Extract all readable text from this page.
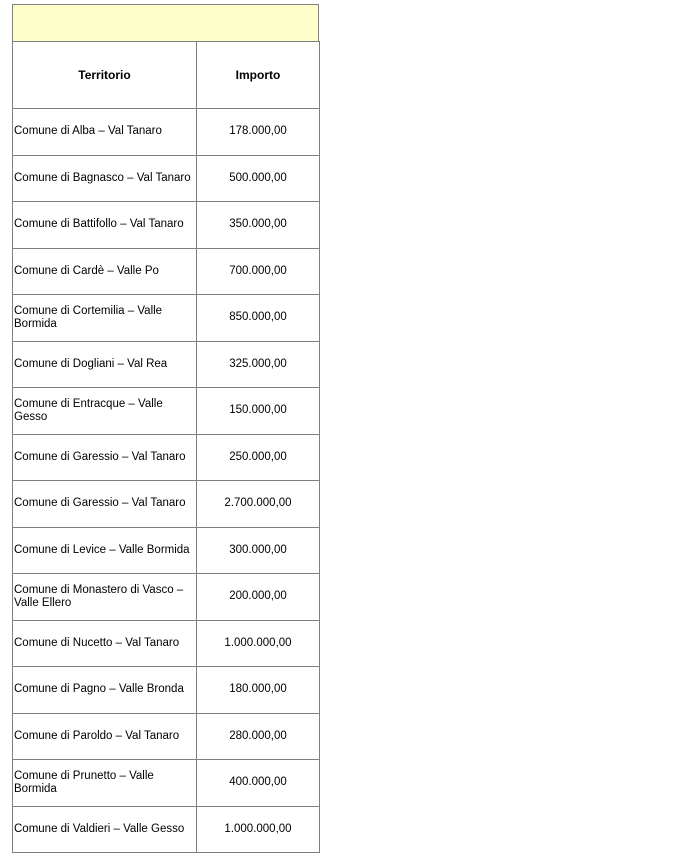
Territorio	Importo
Comune di Alba – Val Tanaro	178.000,00
Comune di Bagnasco – Val Tanaro	500.000,00
Comune di Battifollo – Val Tanaro	350.000,00
Comune di Cardè – Valle Po	700.000,00
Comune di Cortemilia – Valle Bormida	850.000,00
Comune di Dogliani – Val Rea	325.000,00
Comune di Entracque – Valle Gesso	150.000,00
Comune di Garessio – Val Tanaro	250.000,00
Comune di Garessio – Val Tanaro	2.700.000,00
Comune di Levice – Valle Bormida	300.000,00
Comune di Monastero di Vasco – Valle Ellero	200.000,00
Comune di Nucetto – Val Tanaro	1.000.000,00
Comune di Pagno – Valle Bronda	180.000,00
Comune di Paroldo – Val Tanaro	280.000,00
Comune di Prunetto – Valle Bormida	400.000,00
Comune di Valdieri – Valle Gesso	1.000.000,00
